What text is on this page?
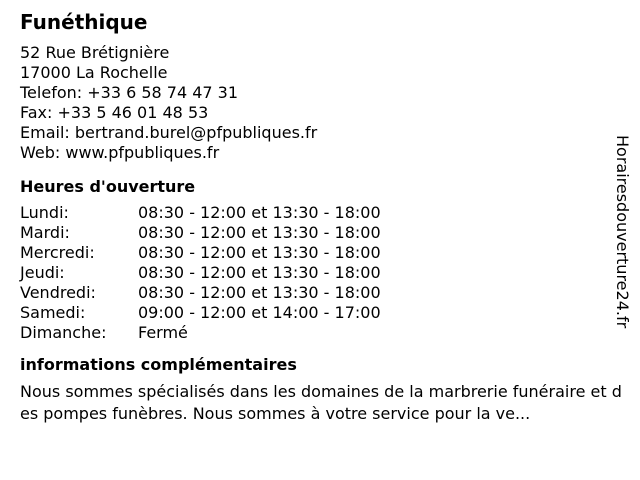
Funéthique
52 Rue Brétignière
17000 La Rochelle
Telefon: +33 6 58 74 47 31
Fax: +33 5 46 01 48 53
Email: bertrand.burel@pfpubliques.fr
Web: www.pfpubliques.fr
Heures d'ouverture
Lundi:	08:30 - 12:00 et 13:30 - 18:00
Mardi:	08:30 - 12:00 et 13:30 - 18:00
Mercredi:	08:30 - 12:00 et 13:30 - 18:00
Jeudi:	08:30 - 12:00 et 13:30 - 18:00
Vendredi:	08:30 - 12:00 et 13:30 - 18:00
Samedi:	09:00 - 12:00 et 14:00 - 17:00
Dimanche:	Fermé
informations complémentaires
Nous sommes spécialisés dans les domaines de la marbrerie funéraire et des pompes funèbres. Nous sommes à votre service pour la ve...
Horairesdouverture24.fr
